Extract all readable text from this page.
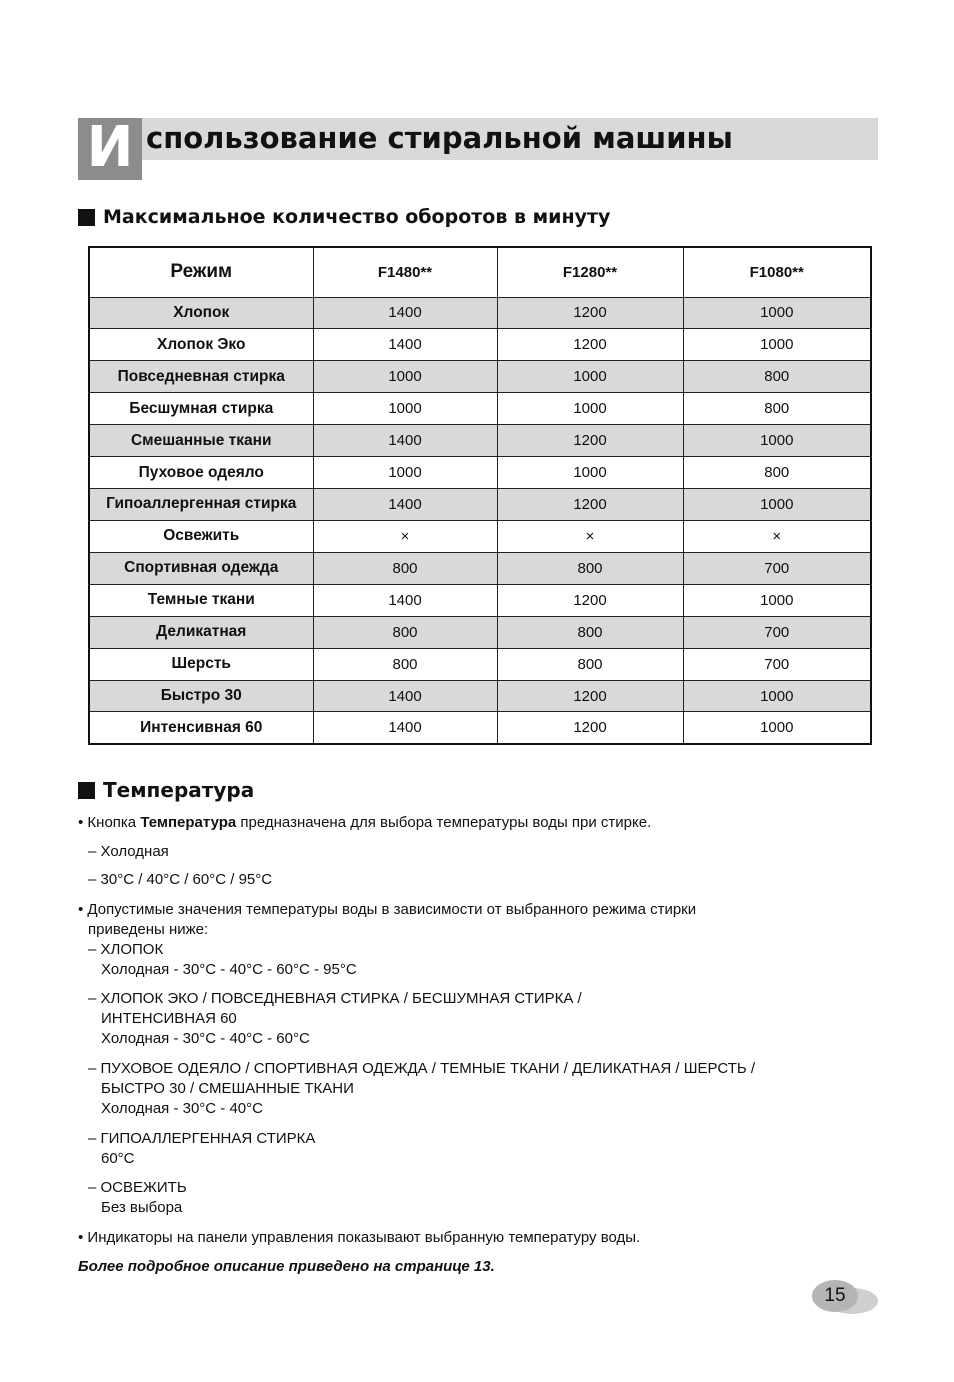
И спользование стиральной машины
Максимальное количество оборотов в минуту
Режим	F1480**	F1280**	F1080**
Хлопок	1400	1200	1000
Хлопок Эко	1400	1200	1000
Повседневная стирка	1000	1000	800
Бесшумная стирка	1000	1000	800
Смешанные ткани	1400	1200	1000
Пуховое одеяло	1000	1000	800
Гипоаллергенная стирка	1400	1200	1000
Освежить	×	×	×
Спортивная одежда	800	800	700
Темные ткани	1400	1200	1000
Деликатная	800	800	700
Шерсть	800	800	700
Быстро 30	1400	1200	1000
Интенсивная 60	1400	1200	1000
Температура
• Кнопка Температура предназначена для выбора температуры воды при стирке.
– Холодная
– 30°C / 40°C / 60°C / 95°C
• Допустимые значения температуры воды в зависимости от выбранного режима стирки
приведены ниже:
– ХЛОПОК
Холодная - 30°C - 40°C - 60°C - 95°C
– ХЛОПОК ЭКО / ПОВСЕДНЕВНАЯ СТИРКА / БЕСШУМНАЯ СТИРКА /
ИНТЕНСИВНАЯ 60
Холодная - 30°C - 40°C - 60°C
– ПУХОВОЕ ОДЕЯЛО / СПОРТИВНАЯ ОДЕЖДА / ТЕМНЫЕ ТКАНИ / ДЕЛИКАТНАЯ / ШЕРСТЬ /
БЫСТРО 30 / СМЕШАННЫЕ ТКАНИ
Холодная - 30°C - 40°C
– ГИПОАЛЛЕРГЕННАЯ СТИРКА
60°C
– ОСВЕЖИТЬ
Без выбора
• Индикаторы на панели управления показывают выбранную температуру воды.
Более подробное описание приведено на странице 13.
15
